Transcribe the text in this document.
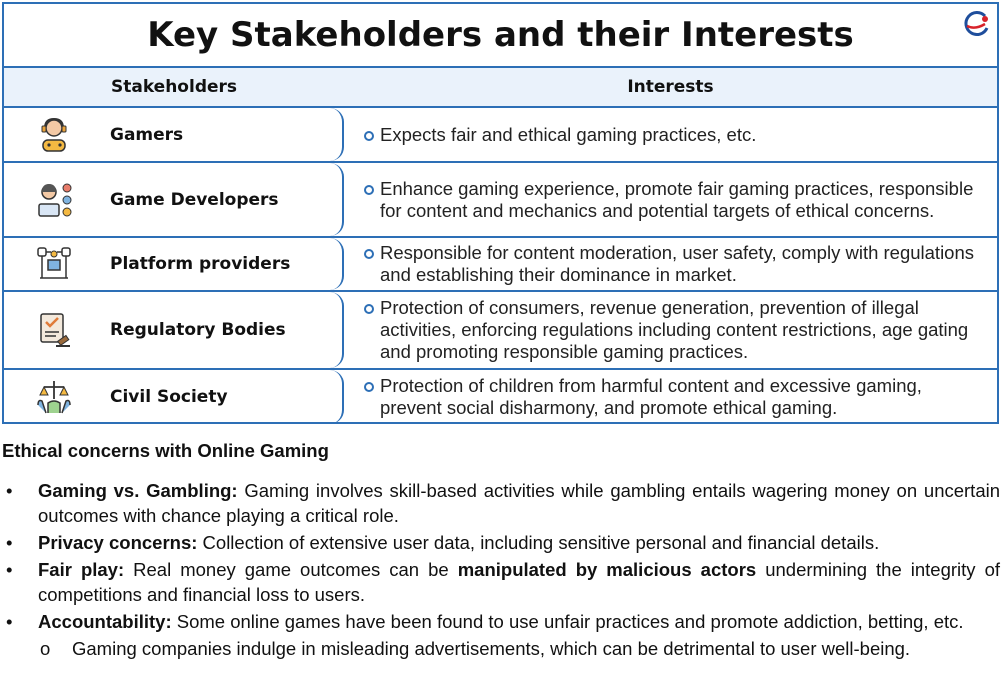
Key Stakeholders and their Interests
Stakeholders	Interests
Gamers	Expects fair and ethical gaming practices, etc.
Game Developers
Enhance gaming experience, promote fair gaming practices, responsible for content and mechanics and potential targets of ethical concerns.
Platform providers
Responsible for content moderation, user safety, comply with regulations and establishing their dominance in market.
Regulatory Bodies
Protection of consumers, revenue generation, prevention of illegal activities, enforcing regulations including content restrictions, age gating and promoting responsible gaming practices.
Civil Society
Protection of children from harmful content and excessive gaming, prevent social disharmony, and promote ethical gaming.
Ethical concerns with Online Gaming
• Gaming vs. Gambling: Gaming involves skill-based activities while gambling entails wagering money on uncertain outcomes with chance playing a critical role.
• Privacy concerns: Collection of extensive user data, including sensitive personal and financial details.
• Fair play: Real money game outcomes can be manipulated by malicious actors undermining the integrity of competitions and financial loss to users.
• Accountability: Some online games have been found to use unfair practices and promote addiction, betting, etc.
o Gaming companies indulge in misleading advertisements, which can be detrimental to user well-being.
